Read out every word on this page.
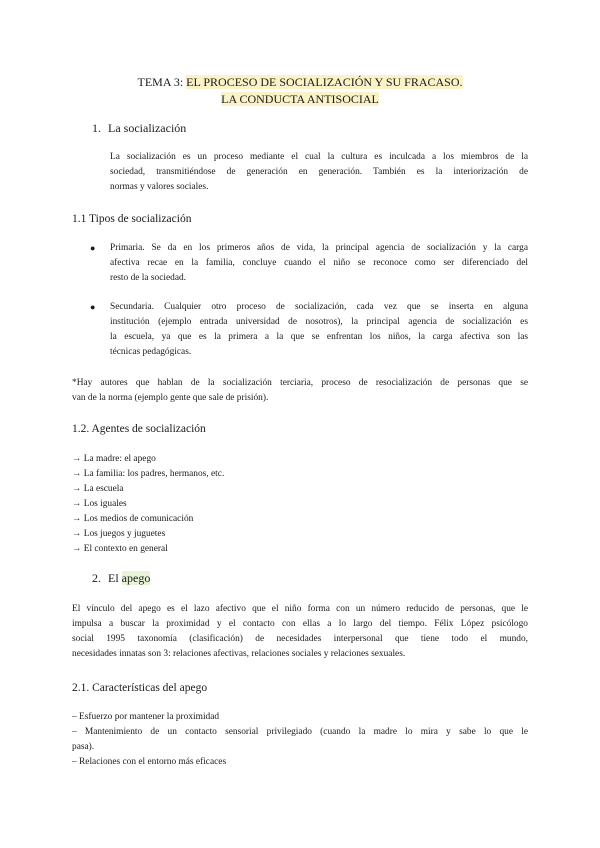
TEMA 3: EL PROCESO DE SOCIALIZACIÓN Y SU FRACASO.
LA CONDUCTA ANTISOCIAL
1. La socialización
La socialización es un proceso mediante el cual la cultura es inculcada a los miembros de la
sociedad, transmitiéndose de generación en generación. También es la interiorización de
normas y valores sociales.
1.1 Tipos de socialización
● Primaria. Se da en los primeros años de vida, la principal agencia de socialización y la carga
afectiva recae en la familia, concluye cuando el niño se reconoce como ser diferenciado del
resto de la sociedad.
● Secundaria. Cualquier otro proceso de socialización, cada vez que se inserta en alguna
institución (ejemplo entrada universidad de nosotros), la principal agencia de socialización es
la escuela, ya que es la primera a la que se enfrentan los niños, la carga afectiva son las
técnicas pedagógicas.
*Hay autores que hablan de la socialización terciaria, proceso de resocialización de personas que se
van de la norma (ejemplo gente que sale de prisión).
1.2. Agentes de socialización
→ La madre: el apego
→ La familia: los padres, hermanos, etc.
→ La escuela
→ Los iguales
→ Los medios de comunicación
→ Los juegos y juguetes
→ El contexto en general
2. El apego
El vínculo del apego es el lazo afectivo que el niño forma con un número reducido de personas, que le
impulsa a buscar la proximidad y el contacto con ellas a lo largo del tiempo. Félix López psicólogo
social 1995 taxonomía (clasificación) de necesidades interpersonal que tiene todo el mundo,
necesidades innatas son 3: relaciones afectivas, relaciones sociales y relaciones sexuales.
2.1. Características del apego
– Esfuerzo por mantener la proximidad
– Mantenimiento de un contacto sensorial privilegiado (cuando la madre lo mira y sabe lo que le
pasa).
– Relaciones con el entorno más eficaces
